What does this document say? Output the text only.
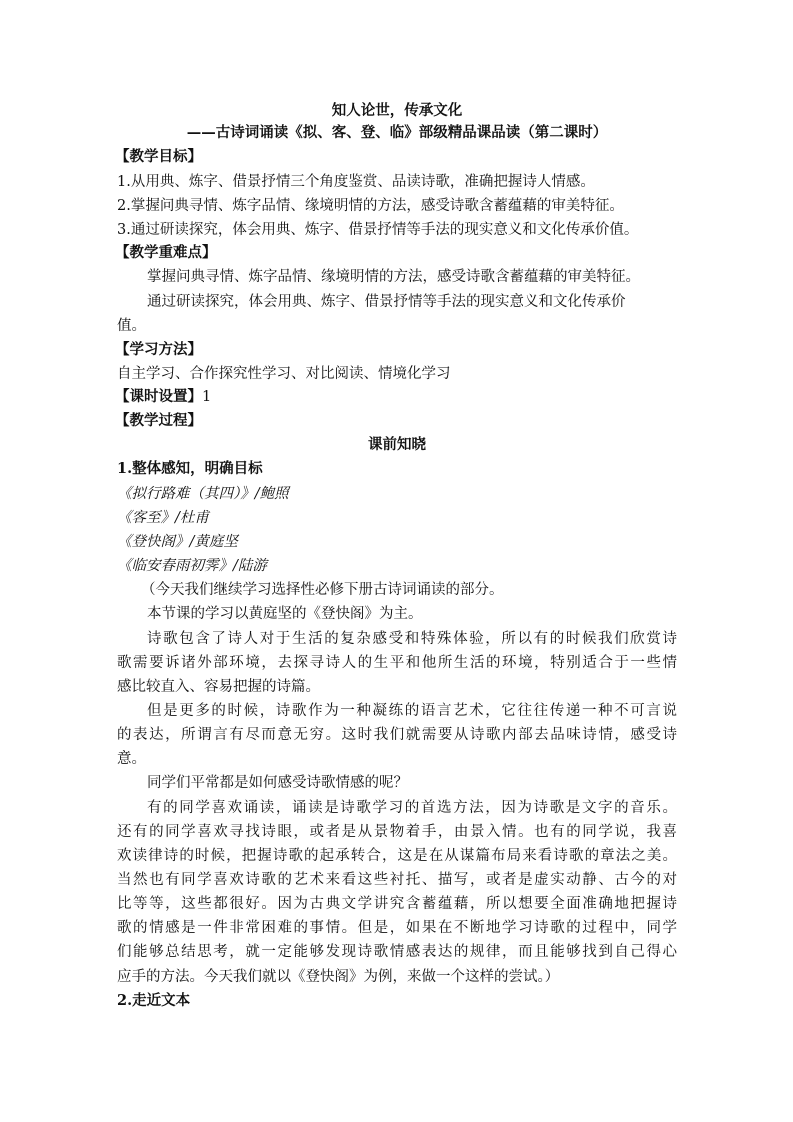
知人论世，传承文化
——古诗词诵读《拟、客、登、临》部级精品课品读（第二课时）
【教学目标】
1.从用典、炼字、借景抒情三个角度鉴赏、品读诗歌，准确把握诗人情感。
2.掌握问典寻情、炼字品情、缘境明情的方法，感受诗歌含蓄蕴藉的审美特征。
3.通过研读探究，体会用典、炼字、借景抒情等手法的现实意义和文化传承价值。
【教学重难点】
掌握问典寻情、炼字品情、缘境明情的方法，感受诗歌含蓄蕴藉的审美特征。
通过研读探究，体会用典、炼字、借景抒情等手法的现实意义和文化传承价
值。
【学习方法】
自主学习、合作探究性学习、对比阅读、情境化学习
【课时设置】1
【教学过程】
课前知晓
1.整体感知，明确目标
《拟行路难（其四）》/鲍照
《客至》/杜甫
《登快阁》/黄庭坚
《临安春雨初霁》/陆游
（今天我们继续学习选择性必修下册古诗词诵读的部分。
本节课的学习以黄庭坚的《登快阁》为主。
诗歌包含了诗人对于生活的复杂感受和特殊体验，所以有的时候我们欣赏诗
歌需要诉诸外部环境，去探寻诗人的生平和他所生活的环境，特别适合于一些情
感比较直入、容易把握的诗篇。
但是更多的时候，诗歌作为一种凝练的语言艺术，它往往传递一种不可言说
的表达，所谓言有尽而意无穷。这时我们就需要从诗歌内部去品味诗情，感受诗
意。
同学们平常都是如何感受诗歌情感的呢？
有的同学喜欢诵读，诵读是诗歌学习的首选方法，因为诗歌是文字的音乐。
还有的同学喜欢寻找诗眼，或者是从景物着手，由景入情。也有的同学说，我喜
欢读律诗的时候，把握诗歌的起承转合，这是在从谋篇布局来看诗歌的章法之美。
当然也有同学喜欢诗歌的艺术来看这些衬托、描写，或者是虚实动静、古今的对
比等等，这些都很好。因为古典文学讲究含蓄蕴藉，所以想要全面准确地把握诗
歌的情感是一件非常困难的事情。但是，如果在不断地学习诗歌的过程中，同学
们能够总结思考，就一定能够发现诗歌情感表达的规律，而且能够找到自己得心
应手的方法。今天我们就以《登快阁》为例，来做一个这样的尝试。）
2.走近文本
